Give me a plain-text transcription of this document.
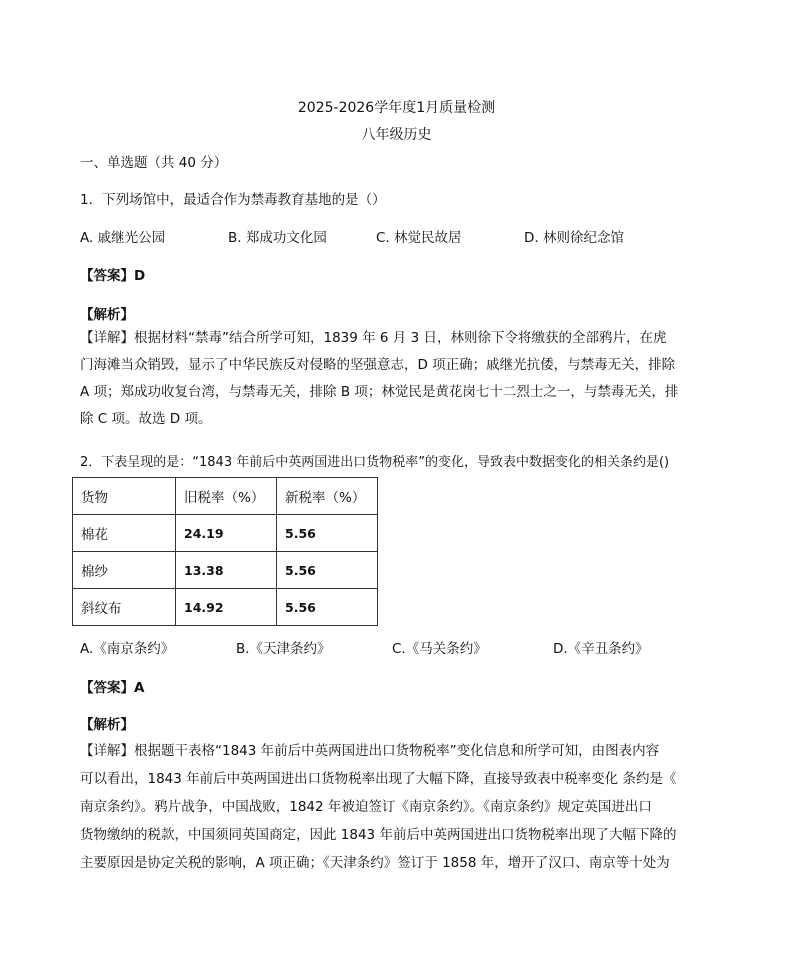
2025-2026学年度1月质量检测
八年级历史
一、单选题（共 40 分）
1．下列场馆中，最适合作为禁毒教育基地的是（）
A. 戚继光公园	B. 郑成功文化园	C. 林觉民故居	D. 林则徐纪念馆
【答案】D
【解析】
【详解】根据材料“禁毒”结合所学可知，1839 年 6 月 3 日，林则徐下令将缴获的全部鸦片，在虎
门海滩当众销毁，显示了中华民族反对侵略的坚强意志，D 项正确；戚继光抗倭，与禁毒无关，排除
A 项；郑成功收复台湾，与禁毒无关，排除 B 项；林觉民是黄花岗七十二烈士之一，与禁毒无关，排
除 C 项。故选 D 项。
2．下表呈现的是：“1843 年前后中英两国进出口货物税率”的变化，导致表中数据变化的相关条约是()
货物	旧税率（%）	新税率（%）
棉花	24.19	5.56
棉纱	13.38	5.56
斜纹布	14.92	5.56
A.《南京条约》	B.《天津条约》	C.《马关条约》	D.《辛丑条约》
【答案】A
【解析】
【详解】根据题干表格“1843 年前后中英两国进出口货物税率”变化信息和所学可知，由图表内容
可以看出，1843 年前后中英两国进出口货物税率出现了大幅下降，直接导致表中税率变化 条约是《
南京条约》。鸦片战争，中国战败，1842 年被迫签订《南京条约》。《南京条约》规定英国进出口
货物缴纳的税款，中国须同英国商定，因此 1843 年前后中英两国进出口货物税率出现了大幅下降的
主要原因是协定关税的影响，A 项正确；《天津条约》签订于 1858 年，增开了汉口、南京等十处为
